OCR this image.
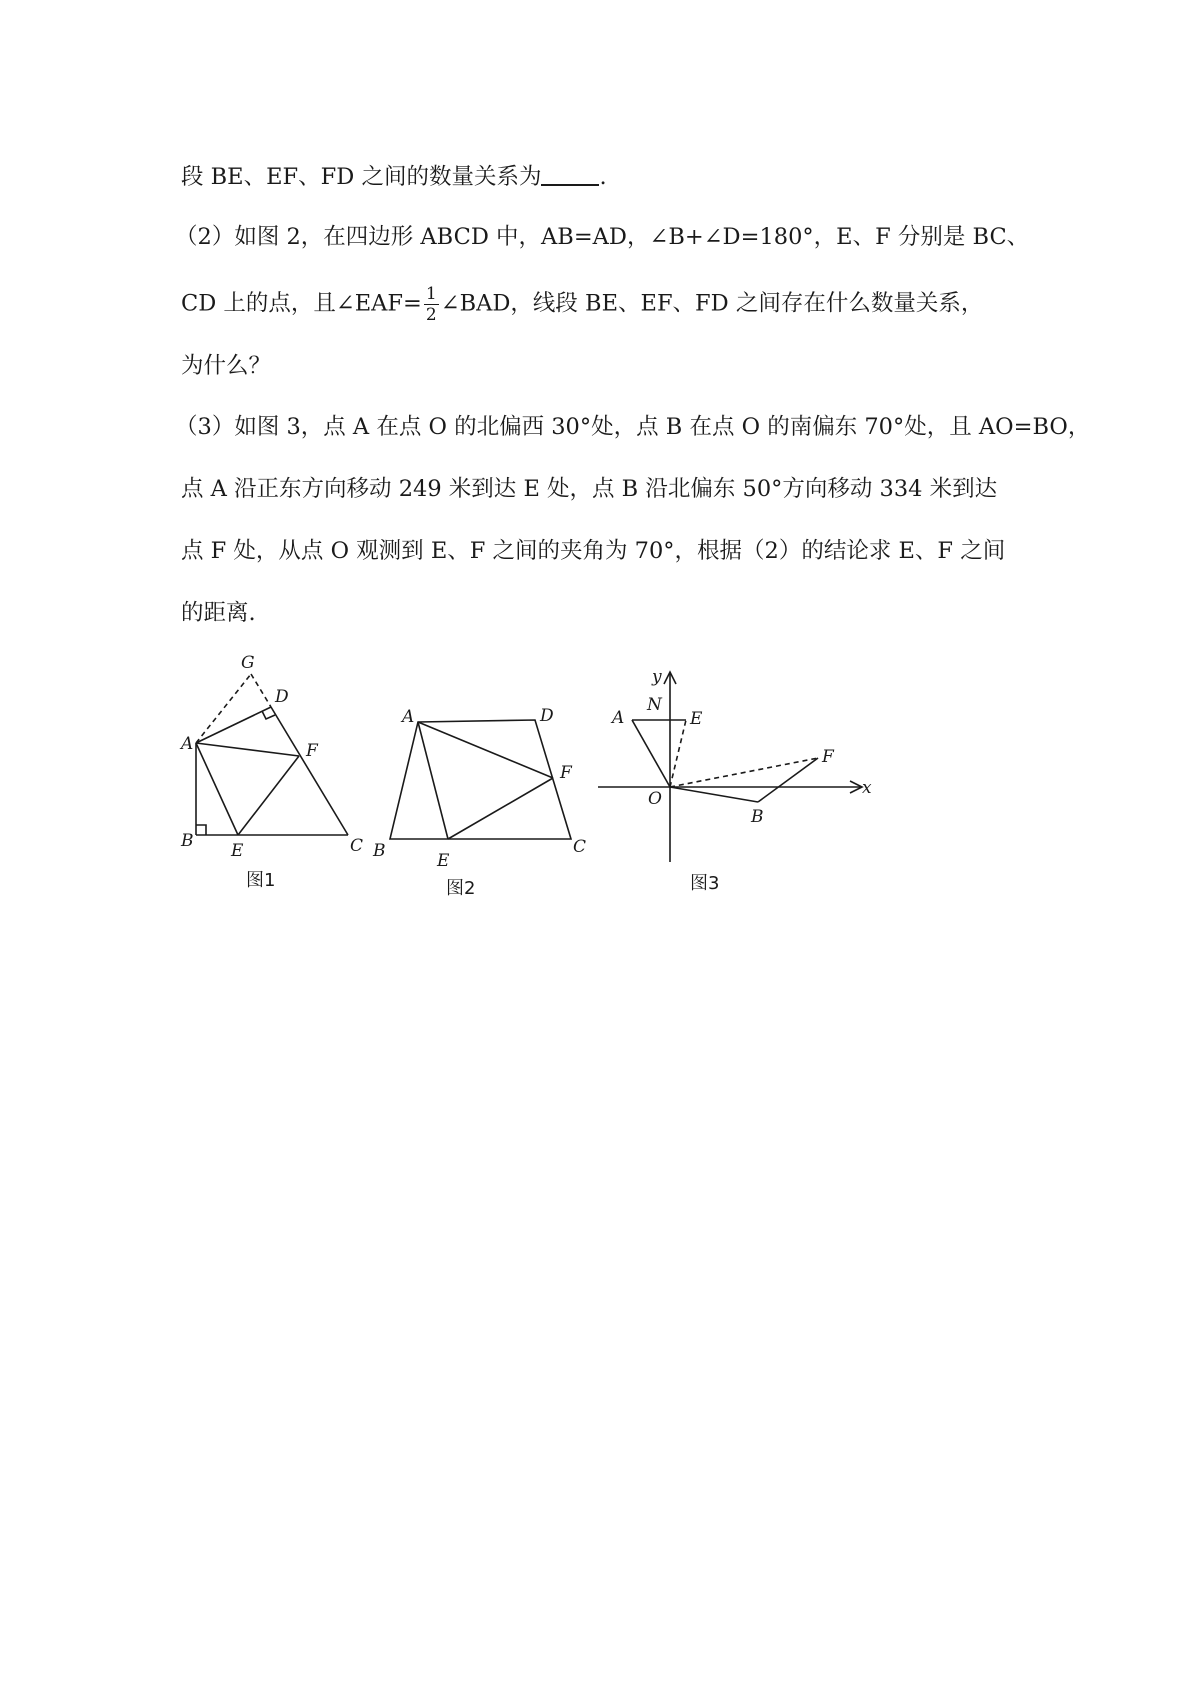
段 BE、EF、FD 之间的数量关系为	.
（2）如图 2，在四边形 ABCD 中，AB=AD，∠B+∠D=180°，E、F 分别是 BC、
CD 上的点，且∠EAF= $\frac{1}{2}$ ∠BAD，线段 BE、EF、FD 之间存在什么数量关系，
为什么？
（3）如图 3，点 A 在点 O 的北偏西 30°处，点 B 在点 O 的南偏东 70°处，且 AO=BO，
点 A 沿正东方向移动 249 米到达 E 处，点 B 沿北偏东 50°方向移动 334 米到达
点 F 处，从点 O 观测到 E、F 之间的夹角为 70°，根据（2）的结论求 E、F 之间
的距离.
G
D
A	F
B E	C
图1
A	D
F
B	E
C
图2
y
A
N
E
F
O
x
B
图3
